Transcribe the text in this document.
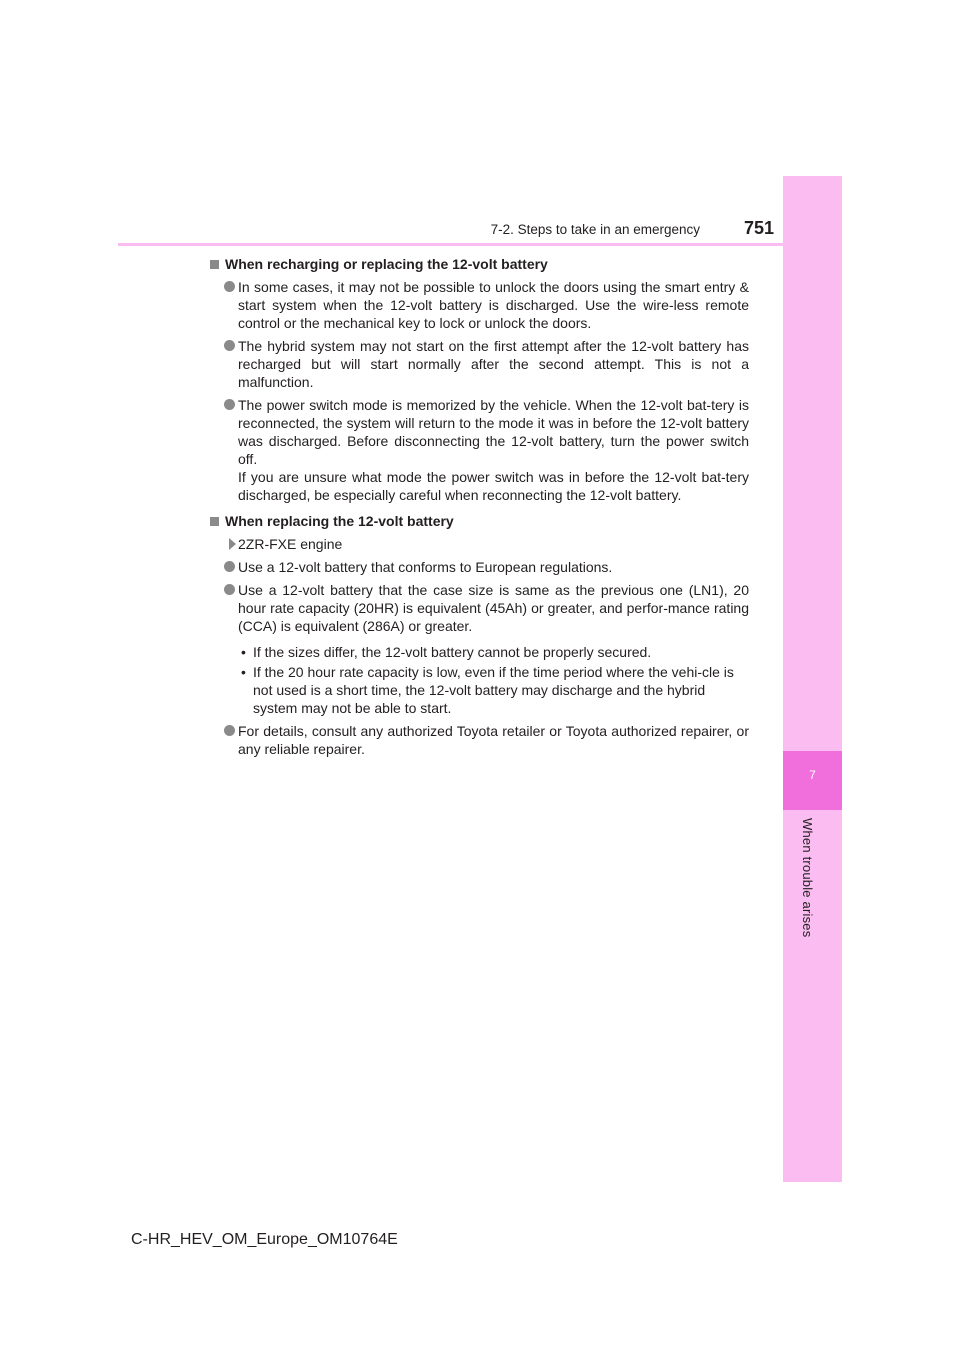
7
When trouble arises
7-2. Steps to take in an emergency	751
When recharging or replacing the 12-volt battery
In some cases, it may not be possible to unlock the doors using the smart entry & start system when the 12-volt battery is discharged. Use the wire-less remote control or the mechanical key to lock or unlock the doors.
The hybrid system may not start on the first attempt after the 12-volt battery has recharged but will start normally after the second attempt. This is not a malfunction.
The power switch mode is memorized by the vehicle. When the 12-volt bat-tery is reconnected, the system will return to the mode it was in before the 12-volt battery was discharged. Before disconnecting the 12-volt battery, turn the power switch off.
If you are unsure what mode the power switch was in before the 12-volt bat-tery discharged, be especially careful when reconnecting the 12-volt battery.
When replacing the 12-volt battery
2ZR-FXE engine
Use a 12-volt battery that conforms to European regulations.
Use a 12-volt battery that the case size is same as the previous one (LN1), 20 hour rate capacity (20HR) is equivalent (45Ah) or greater, and perfor-mance rating (CCA) is equivalent (286A) or greater.
• If the sizes differ, the 12-volt battery cannot be properly secured.
• If the 20 hour rate capacity is low, even if the time period where the vehi-cle is not used is a short time, the 12-volt battery may discharge and the hybrid system may not be able to start.
For details, consult any authorized Toyota retailer or Toyota authorized repairer, or any reliable repairer.
C-HR_HEV_OM_Europe_OM10764E
